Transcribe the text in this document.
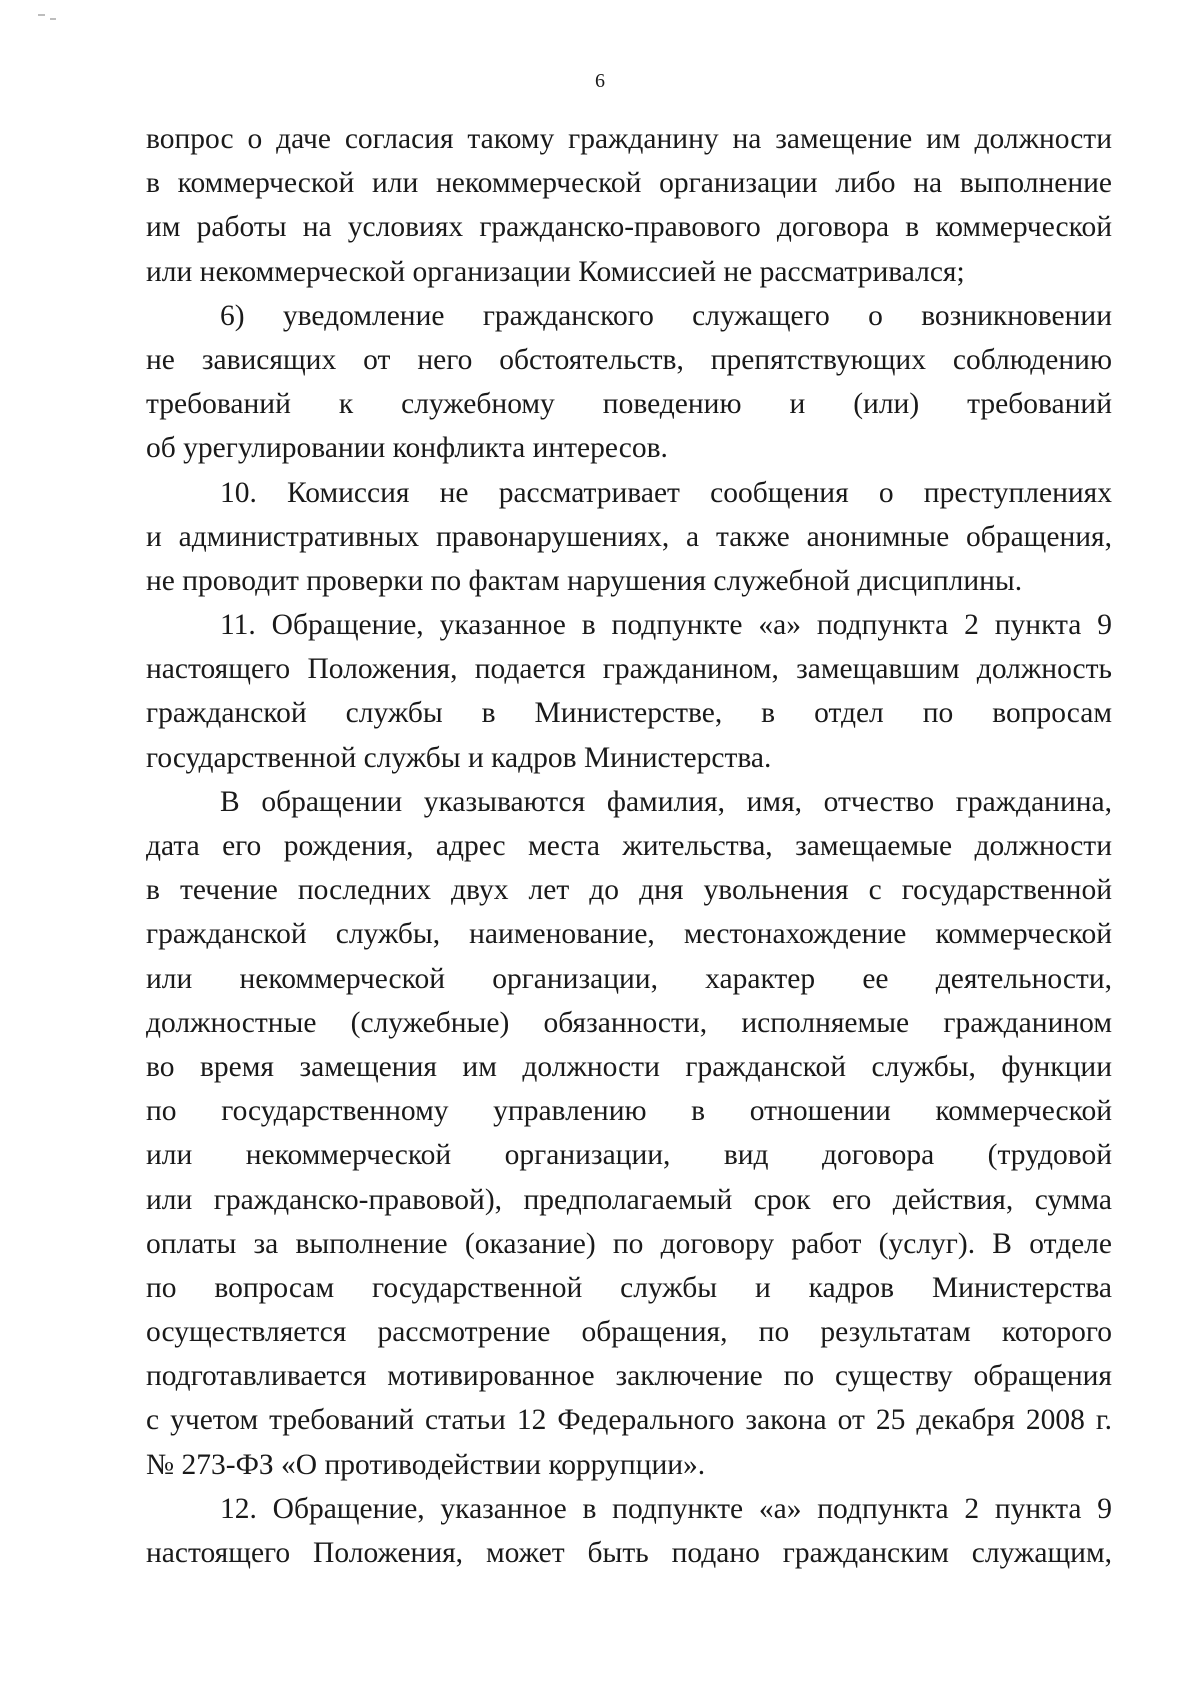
6
вопрос о даче согласия такому гражданину на замещение им должности
в коммерческой или некоммерческой организации либо на выполнение
им работы на условиях гражданско-правового договора в коммерческой
или некоммерческой организации Комиссией не рассматривался;
6) уведомление гражданского служащего о возникновении
не зависящих от него обстоятельств, препятствующих соблюдению
требований к служебному поведению и (или) требований
об урегулировании конфликта интересов.
10. Комиссия не рассматривает сообщения о преступлениях
и административных правонарушениях, а также анонимные обращения,
не проводит проверки по фактам нарушения служебной дисциплины.
11. Обращение, указанное в подпункте «а» подпункта 2 пункта 9
настоящего Положения, подается гражданином, замещавшим должность
гражданской службы в Министерстве, в отдел по вопросам
государственной службы и кадров Министерства.
В обращении указываются фамилия, имя, отчество гражданина,
дата его рождения, адрес места жительства, замещаемые должности
в течение последних двух лет до дня увольнения с государственной
гражданской службы, наименование, местонахождение коммерческой
или некоммерческой организации, характер ее деятельности,
должностные (служебные) обязанности, исполняемые гражданином
во время замещения им должности гражданской службы, функции
по государственному управлению в отношении коммерческой
или некоммерческой организации, вид договора (трудовой
или гражданско-правовой), предполагаемый срок его действия, сумма
оплаты за выполнение (оказание) по договору работ (услуг). В отделе
по вопросам государственной службы и кадров Министерства
осуществляется рассмотрение обращения, по результатам которого
подготавливается мотивированное заключение по существу обращения
с учетом требований статьи 12 Федерального закона от 25 декабря 2008 г.
№ 273-ФЗ «О противодействии коррупции».
12. Обращение, указанное в подпункте «а» подпункта 2 пункта 9
настоящего Положения, может быть подано гражданским служащим,
